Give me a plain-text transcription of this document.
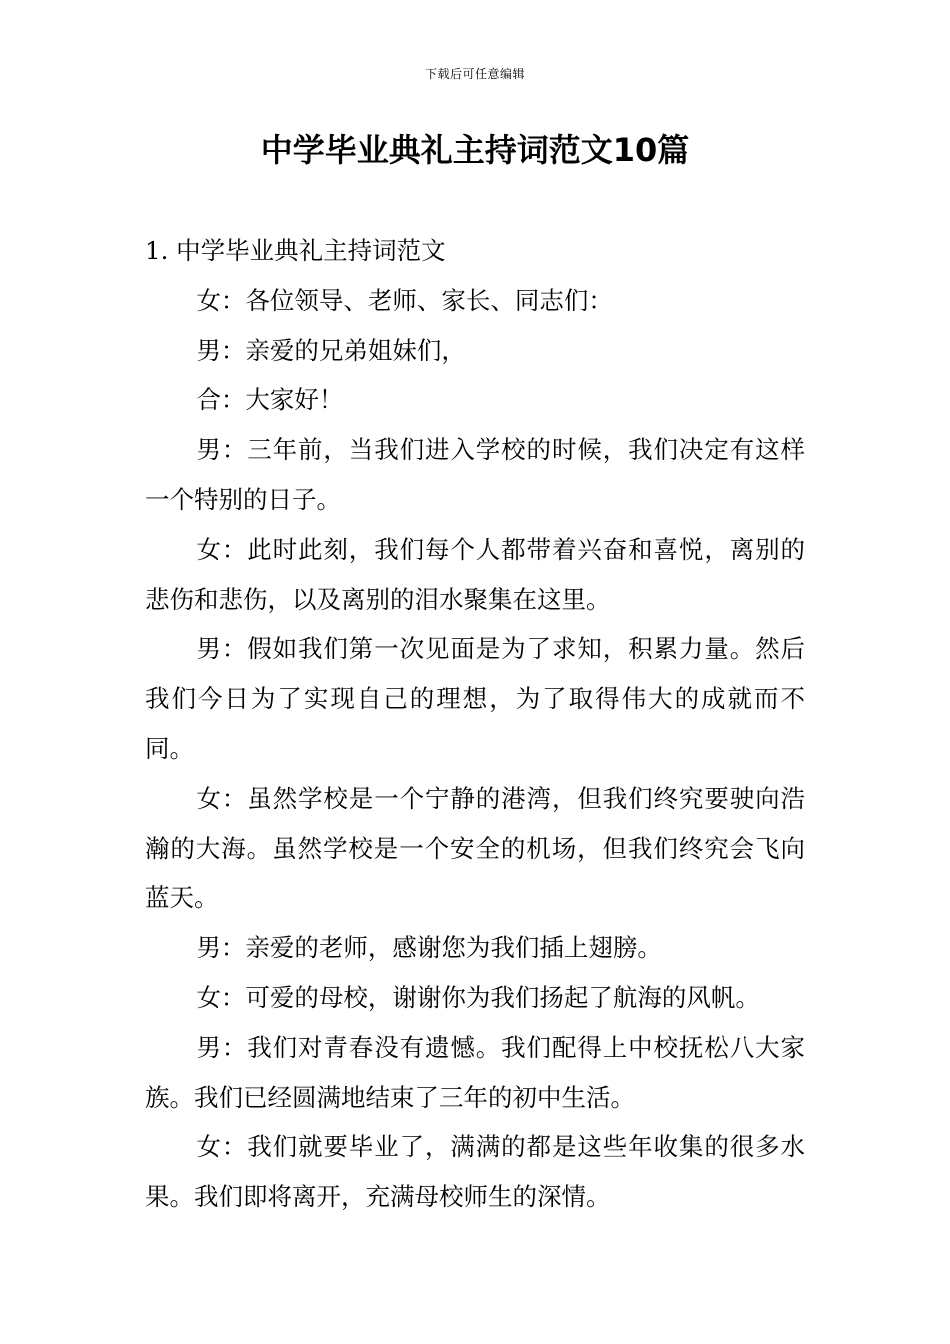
下载后可任意编辑
中学毕业典礼主持词范文10篇

1. 中学毕业典礼主持词范文

女：各位领导、老师、家长、同志们：

男：亲爱的兄弟姐妹们，

合：大家好！

男：三年前，当我们进入学校的时候，我们决定有这样一个特别的日子。

女：此时此刻，我们每个人都带着兴奋和喜悦，离别的悲伤和悲伤，以及离别的泪水聚集在这里。

男：假如我们第一次见面是为了求知，积累力量。然后我们今日为了实现自己的理想，为了取得伟大的成就而不同。

女：虽然学校是一个宁静的港湾，但我们终究要驶向浩瀚的大海。虽然学校是一个安全的机场，但我们终究会飞向蓝天。

男：亲爱的老师，感谢您为我们插上翅膀。

女：可爱的母校，谢谢你为我们扬起了航海的风帆。

男：我们对青春没有遗憾。我们配得上中校抚松八大家族。我们已经圆满地结束了三年的初中生活。

女：我们就要毕业了，满满的都是这些年收集的很多水果。我们即将离开，充满母校师生的深情。
